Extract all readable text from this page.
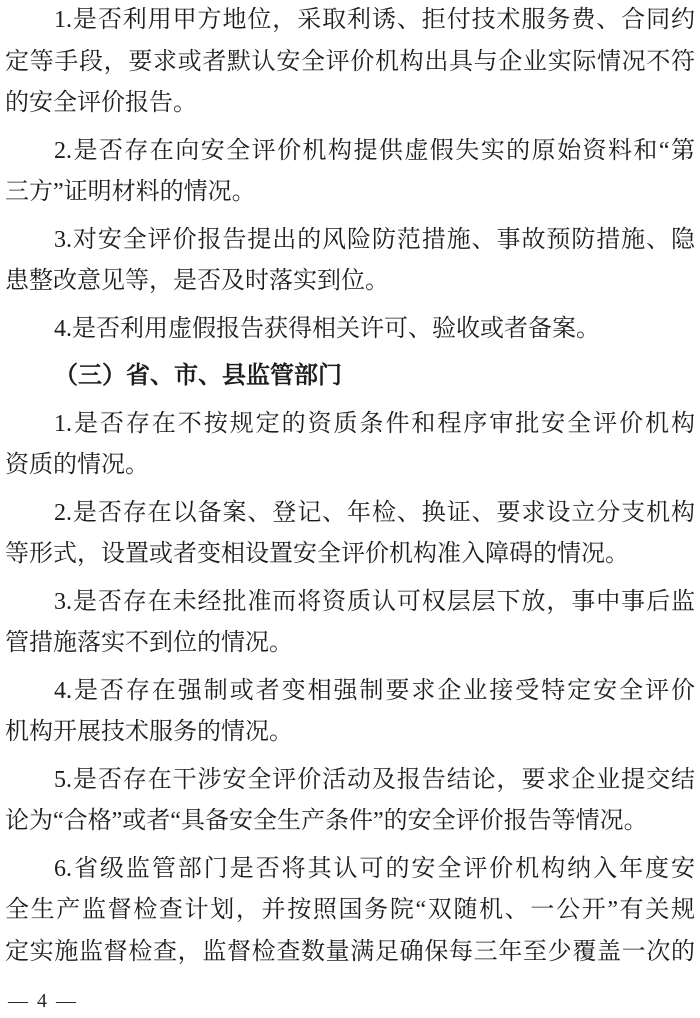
1.是否利用甲方地位，采取利诱、拒付技术服务费、合同约
定等手段，要求或者默认安全评价机构出具与企业实际情况不符
的安全评价报告。
2.是否存在向安全评价机构提供虚假失实的原始资料和“第
三方”证明材料的情况。
3.对安全评价报告提出的风险防范措施、事故预防措施、隐
患整改意见等，是否及时落实到位。
4.是否利用虚假报告获得相关许可、验收或者备案。
（三）省、市、县监管部门
1.是否存在不按规定的资质条件和程序审批安全评价机构
资质的情况。
2.是否存在以备案、登记、年检、换证、要求设立分支机构
等形式，设置或者变相设置安全评价机构准入障碍的情况。
3.是否存在未经批准而将资质认可权层层下放，事中事后监
管措施落实不到位的情况。
4.是否存在强制或者变相强制要求企业接受特定安全评价
机构开展技术服务的情况。
5.是否存在干涉安全评价活动及报告结论，要求企业提交结
论为“合格”或者“具备安全生产条件”的安全评价报告等情况。
6.省级监管部门是否将其认可的安全评价机构纳入年度安
全生产监督检查计划，并按照国务院“双随机、一公开”有关规
定实施监督检查，监督检查数量满足确保每三年至少覆盖一次的
— 4 —
